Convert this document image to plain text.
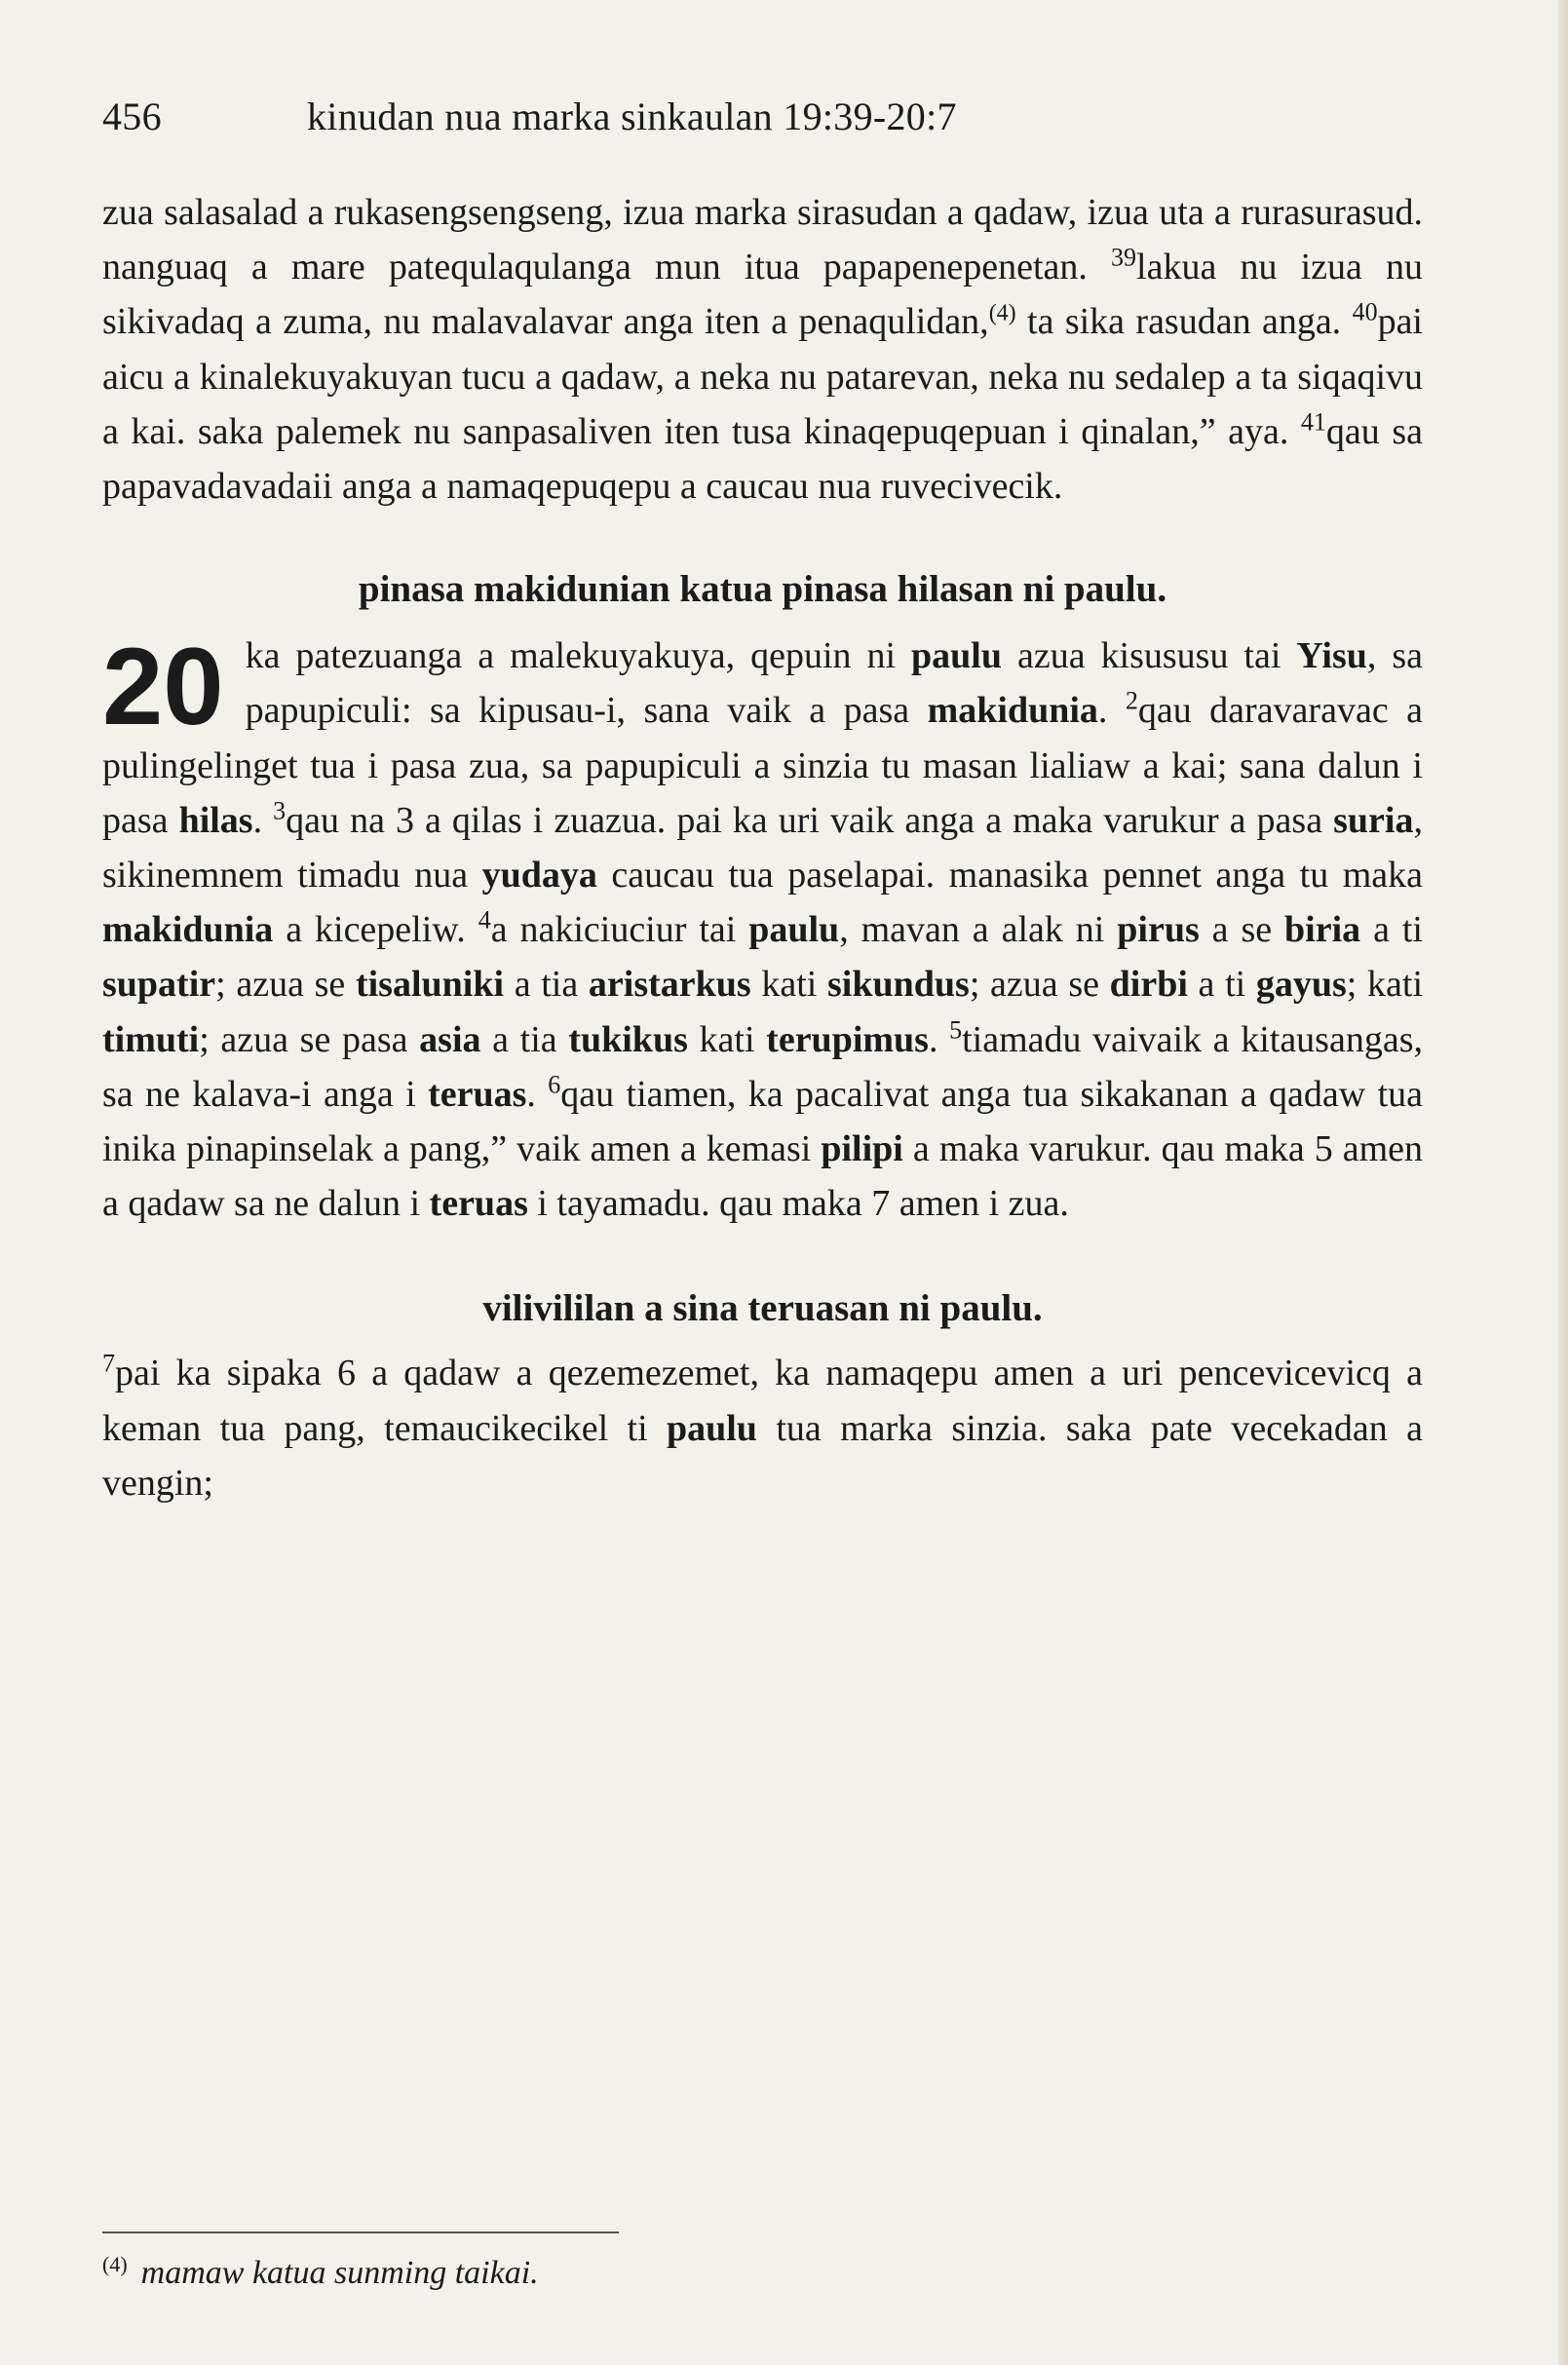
456	kinudan nua marka sinkaulan 19:39-20:7

zua salasalad a rukasengsengseng, izua marka sirasudan a qadaw, izua uta a rurasurasud. nanguaq a mare patequlaqulanga mun itua papapenepenetan. $^{39}$lakua nu izua nu sikivadaq a zuma, nu malavalavar anga iten a penaqulidan,$^{(4)}$ ta sika rasudan anga. $^{40}$pai aicu a kinalekuyakuyan tucu a qadaw, a neka nu patarevan, neka nu sedalep a ta siqaqivu a kai. saka palemek nu sanpasaliven iten tusa kinaqepuqepuan i qinalan,” aya. $^{41}$qau sa papavadavadaii anga a namaqepuqepu a caucau nua ruvecivecik.

pinasa makidunian katua pinasa hilasan ni paulu.

20 ka patezuanga a malekuyakuya, qepuin ni paulu azua kisususu tai Yisu, sa papupiculi: sa kipusau-i, sana vaik a pasa makidunia. $^2$qau daravaravac a pulingelinget tua i pasa zua, sa papupiculi a sinzia tu masan lialiaw a kai; sana dalun i pasa hilas. $^3$qau na 3 a qilas i zuazua. pai ka uri vaik anga a maka varukur a pasa suria, sikinemnem timadu nua yudaya caucau tua paselapai. manasika pennet anga tu maka makidunia a kicepeliw. $^4$a nakiciuciur tai paulu, mavan a alak ni pirus a se biria a ti supatir; azua se tisaluniki a tia aristarkus kati sikundus; azua se dirbi a ti gayus; kati timuti; azua se pasa asia a tia tukikus kati terupimus. $^5$tiamadu vaivaik a kitausangas, sa ne kalava-i anga i teruas. $^6$qau tiamen, ka pacalivat anga tua sikakanan a qadaw tua inika pinapinselak a pang,” vaik amen a kemasi pilipi a maka varukur. qau maka 5 amen a qadaw sa ne dalun i teruas i tayamadu. qau maka 7 amen i zua.

vilivililan a sina teruasan ni paulu.

$^7$pai ka sipaka 6 a qadaw a qezemezemet, ka namaqepu amen a uri pencevicevicq a keman tua pang, temaucikecikel ti paulu tua marka sinzia. saka pate vecekadan a vengin;

$^{(4)}$ mamaw katua sunming taikai.
